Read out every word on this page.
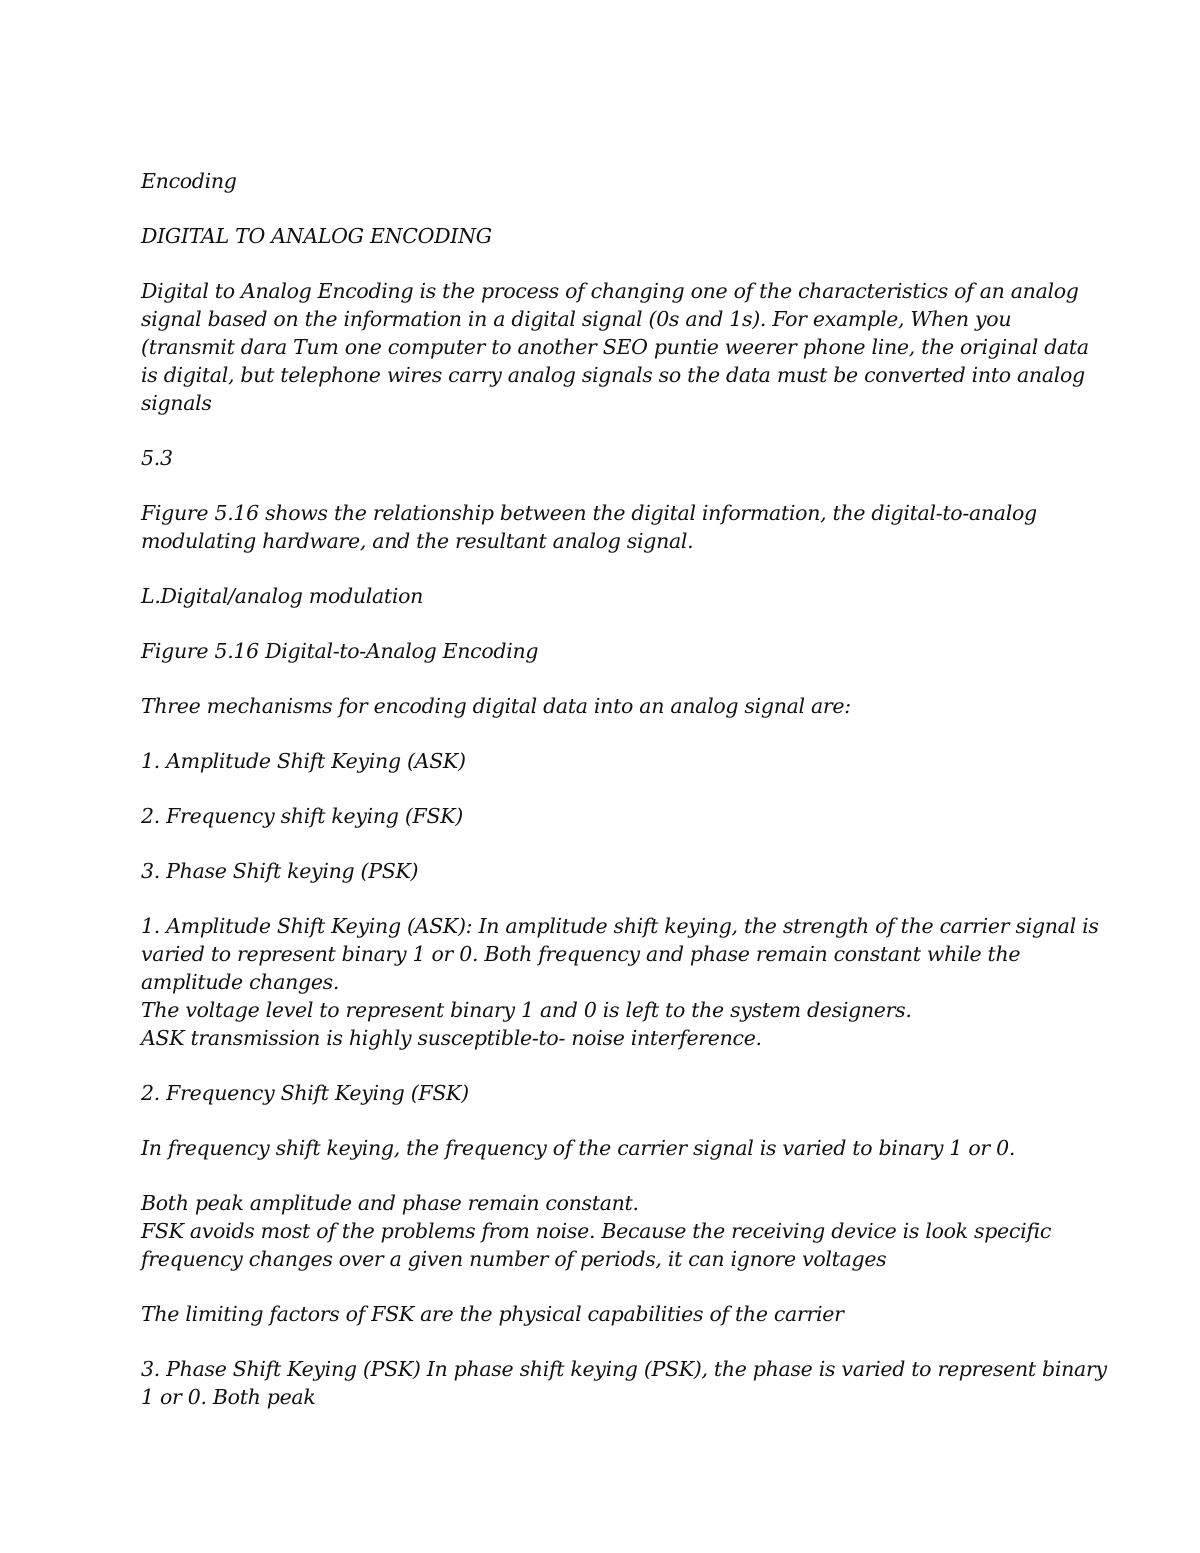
Encoding

DIGITAL TO ANALOG ENCODING

Digital to Analog Encoding is the process of changing one of the characteristics of an analog
signal based on the information in a digital signal (0s and 1s). For example, When you
(transmit dara Tum one computer to another SEO puntie weerer phone line, the original data
is digital, but telephone wires carry analog signals so the data must be converted into analog
signals

5.3

Figure 5.16 shows the relationship between the digital information, the digital-to-analog
modulating hardware, and the resultant analog signal.

L.Digital/analog modulation

Figure 5.16 Digital-to-Analog Encoding

Three mechanisms for encoding digital data into an analog signal are:

1. Amplitude Shift Keying (ASK)

2. Frequency shift keying (FSK)

3. Phase Shift keying (PSK)

1. Amplitude Shift Keying (ASK): In amplitude shift keying, the strength of the carrier signal is
varied to represent binary 1 or 0. Both frequency and phase remain constant while the
amplitude changes.
The voltage level to represent binary 1 and 0 is left to the system designers.
ASK transmission is highly susceptible-to- noise interference.

2. Frequency Shift Keying (FSK)

In frequency shift keying, the frequency of the carrier signal is varied to binary 1 or 0.

Both peak amplitude and phase remain constant.
FSK avoids most of the problems from noise. Because the receiving device is look specific
frequency changes over a given number of periods, it can ignore voltages

The limiting factors of FSK are the physical capabilities of the carrier

3. Phase Shift Keying (PSK) In phase shift keying (PSK), the phase is varied to represent binary
1 or 0. Both peak
